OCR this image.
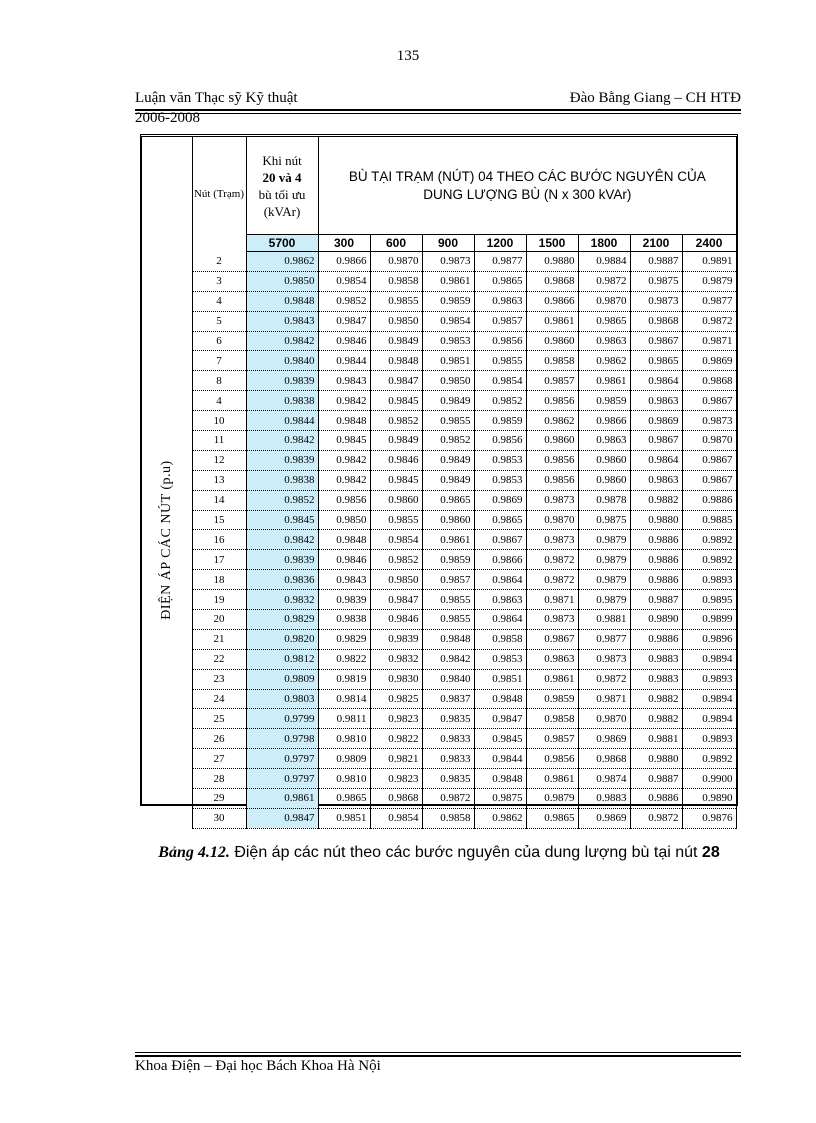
135
Luận văn Thạc sỹ Kỹ thuật	Đào Bằng Giang – CH HTĐ
2006-2008
	Nút (Trạm)	Khi nút
20 và 4
bù tối ưu (kVAr)	BÙ TẠI TRẠM (NÚT) 04 THEO CÁC BƯỚC NGUYÊN CỦA DUNG LƯỢNG BÙ (N x 300 kVAr)							
		5700	300	600	900	1200	1500	1800	2100	2400

ĐIỆN ÁP CÁC NÚT (p.u)	2	0.9862	0.9866	0.9870	0.9873	0.9877	0.9880	0.9884	0.9887	0.9891
	3	0.9850	0.9854	0.9858	0.9861	0.9865	0.9868	0.9872	0.9875	0.9879
	4	0.9848	0.9852	0.9855	0.9859	0.9863	0.9866	0.9870	0.9873	0.9877
	5	0.9843	0.9847	0.9850	0.9854	0.9857	0.9861	0.9865	0.9868	0.9872
	6	0.9842	0.9846	0.9849	0.9853	0.9856	0.9860	0.9863	0.9867	0.9871
	7	0.9840	0.9844	0.9848	0.9851	0.9855	0.9858	0.9862	0.9865	0.9869
	8	0.9839	0.9843	0.9847	0.9850	0.9854	0.9857	0.9861	0.9864	0.9868
	4	0.9838	0.9842	0.9845	0.9849	0.9852	0.9856	0.9859	0.9863	0.9867
	10	0.9844	0.9848	0.9852	0.9855	0.9859	0.9862	0.9866	0.9869	0.9873
	11	0.9842	0.9845	0.9849	0.9852	0.9856	0.9860	0.9863	0.9867	0.9870
	12	0.9839	0.9842	0.9846	0.9849	0.9853	0.9856	0.9860	0.9864	0.9867
	13	0.9838	0.9842	0.9845	0.9849	0.9853	0.9856	0.9860	0.9863	0.9867
	14	0.9852	0.9856	0.9860	0.9865	0.9869	0.9873	0.9878	0.9882	0.9886
	15	0.9845	0.9850	0.9855	0.9860	0.9865	0.9870	0.9875	0.9880	0.9885
	16	0.9842	0.9848	0.9854	0.9861	0.9867	0.9873	0.9879	0.9886	0.9892
	17	0.9839	0.9846	0.9852	0.9859	0.9866	0.9872	0.9879	0.9886	0.9892
	18	0.9836	0.9843	0.9850	0.9857	0.9864	0.9872	0.9879	0.9886	0.9893
	19	0.9832	0.9839	0.9847	0.9855	0.9863	0.9871	0.9879	0.9887	0.9895
	20	0.9829	0.9838	0.9846	0.9855	0.9864	0.9873	0.9881	0.9890	0.9899
	21	0.9820	0.9829	0.9839	0.9848	0.9858	0.9867	0.9877	0.9886	0.9896
	22	0.9812	0.9822	0.9832	0.9842	0.9853	0.9863	0.9873	0.9883	0.9894
	23	0.9809	0.9819	0.9830	0.9840	0.9851	0.9861	0.9872	0.9883	0.9893
	24	0.9803	0.9814	0.9825	0.9837	0.9848	0.9859	0.9871	0.9882	0.9894
	25	0.9799	0.9811	0.9823	0.9835	0.9847	0.9858	0.9870	0.9882	0.9894
	26	0.9798	0.9810	0.9822	0.9833	0.9845	0.9857	0.9869	0.9881	0.9893
	27	0.9797	0.9809	0.9821	0.9833	0.9844	0.9856	0.9868	0.9880	0.9892
	28	0.9797	0.9810	0.9823	0.9835	0.9848	0.9861	0.9874	0.9887	0.9900
	29	0.9861	0.9865	0.9868	0.9872	0.9875	0.9879	0.9883	0.9886	0.9890
	30	0.9847	0.9851	0.9854	0.9858	0.9862	0.9865	0.9869	0.9872	0.9876
Bảng 4.12. Điện áp các nút theo các bước nguyên của dung lượng bù tại nút 28
Khoa Điện – Đại học Bách Khoa Hà Nội
